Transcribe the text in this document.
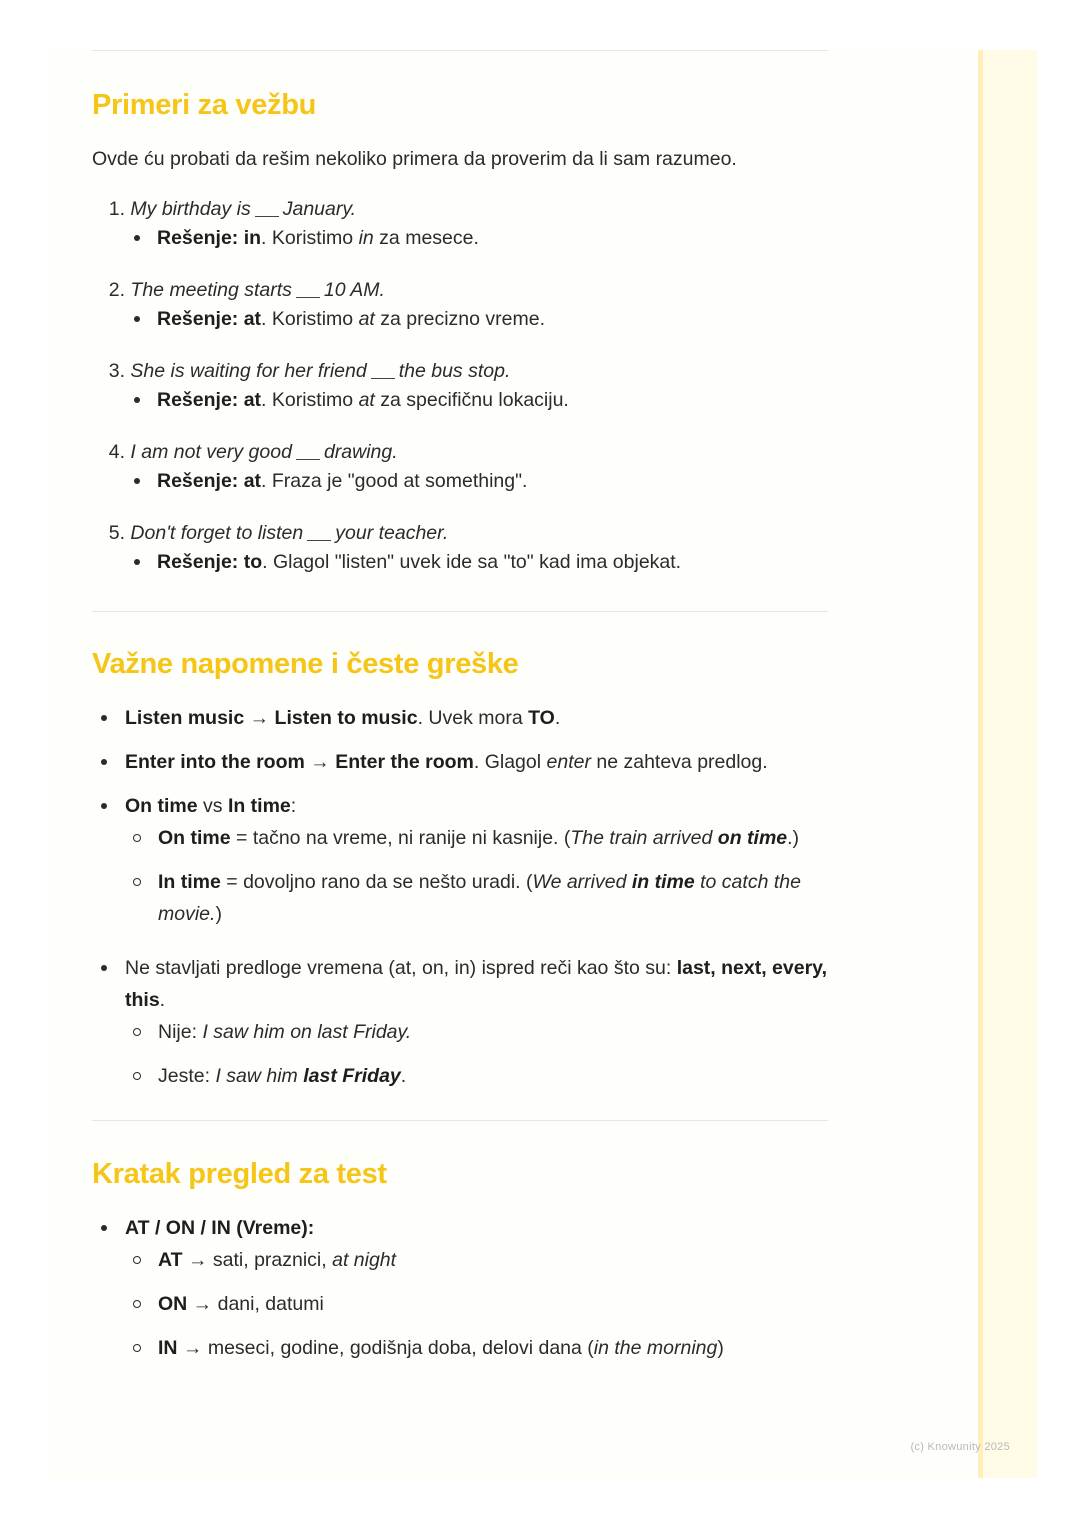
Primeri za vežbu

Ovde ću probati da rešim nekoliko primera da proverim da li sam razumeo.

1. My birthday is January.
Rešenje: in. Koristimo in za mesece.
2. The meeting starts 10 AM.
Rešenje: at. Koristimo at za precizno vreme.
3. She is waiting for her friend the bus stop.
Rešenje: at. Koristimo at za specifičnu lokaciju.
4. I am not very good drawing.
Rešenje: at. Fraza je "good at something".
5. Don't forget to listen your teacher.
Rešenje: to. Glagol "listen" uvek ide sa "to" kad ima objekat.
Važne napomene i česte greške
Listen music → Listen to music. Uvek mora TO.
Enter into the room → Enter the room. Glagol enter ne zahteva predlog.
On time vs In time:
On time = tačno na vreme, ni ranije ni kasnije. (The train arrived on time.)
In time = dovoljno rano da se nešto uradi. (We arrived in time to catch the movie.)
Ne stavljati predloge vremena (at, on, in) ispred reči kao što su: last, next, every, this.
Nije: I saw him on last Friday.
Jeste: I saw him last Friday.
Kratak pregled za test
AT / ON / IN (Vreme):
AT → sati, praznici, at night
ON → dani, datumi
IN → meseci, godine, godišnja doba, delovi dana (in the morning)
(c) Knowunity 2025
